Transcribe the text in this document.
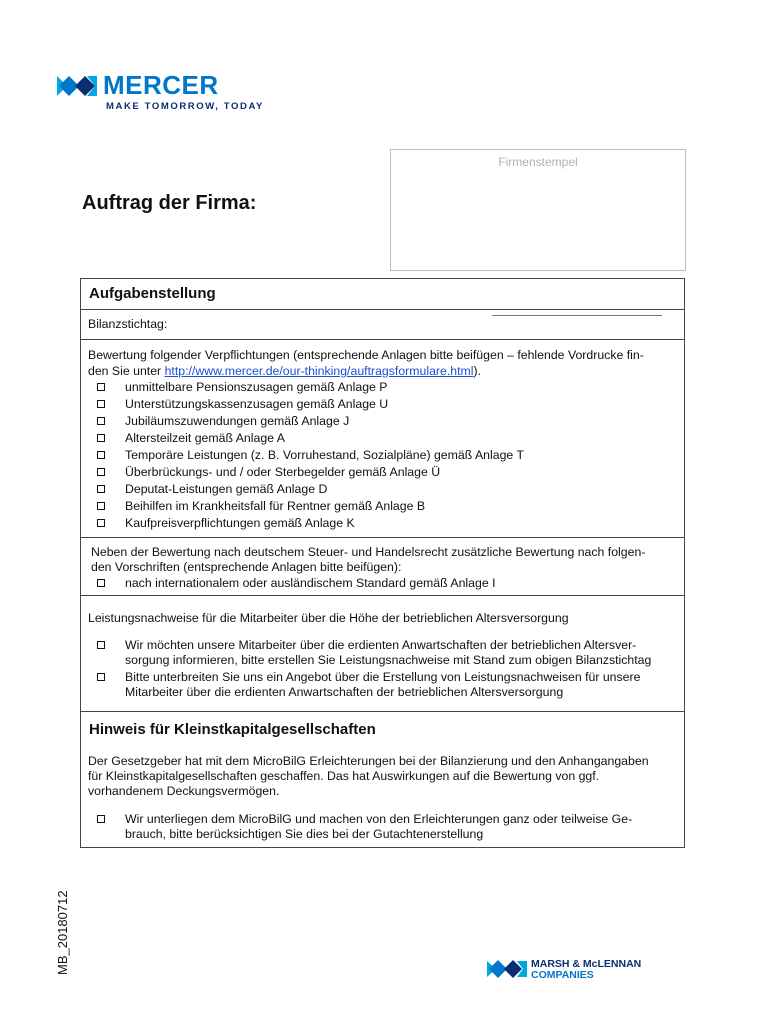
MERCER
MAKE TOMORROW, TODAY
Firmenstempel
Auftrag der Firma:
Aufgabenstellung
Bilanzstichtag:
Bewertung folgender Verpflichtungen (entsprechende Anlagen bitte beifügen – fehlende Vordrucke fin-
den Sie unter http://www.mercer.de/our-thinking/auftragsformulare.html).
unmittelbare Pensionszusagen gemäß Anlage P
Unterstützungskassenzusagen gemäß Anlage U
Jubiläumszuwendungen gemäß Anlage J
Altersteilzeit gemäß Anlage A
Temporäre Leistungen (z. B. Vorruhestand, Sozialpläne) gemäß Anlage T
Überbrückungs- und / oder Sterbegelder gemäß Anlage Ü
Deputat-Leistungen gemäß Anlage D
Beihilfen im Krankheitsfall für Rentner gemäß Anlage B
Kaufpreisverpflichtungen gemäß Anlage K
Neben der Bewertung nach deutschem Steuer- und Handelsrecht zusätzliche Bewertung nach folgen-
den Vorschriften (entsprechende Anlagen bitte beifügen):
nach internationalem oder ausländischem Standard gemäß Anlage I
Leistungsnachweise für die Mitarbeiter über die Höhe der betrieblichen Altersversorgung
Wir möchten unsere Mitarbeiter über die erdienten Anwartschaften der betrieblichen Altersver-
sorgung informieren, bitte erstellen Sie Leistungsnachweise mit Stand zum obigen Bilanzstichtag
Bitte unterbreiten Sie uns ein Angebot über die Erstellung von Leistungsnachweisen für unsere
Mitarbeiter über die erdienten Anwartschaften der betrieblichen Altersversorgung
Hinweis für Kleinstkapitalgesellschaften
Der Gesetzgeber hat mit dem MicroBilG Erleichterungen bei der Bilanzierung und den Anhangangaben
für Kleinstkapitalgesellschaften geschaffen. Das hat Auswirkungen auf die Bewertung von ggf.
vorhandenem Deckungsvermögen.
Wir unterliegen dem MicroBilG und machen von den Erleichterungen ganz oder teilweise Ge-
brauch, bitte berücksichtigen Sie dies bei der Gutachtenerstellung
MB_20180712	MARSH & McLENNAN
COMPANIES
